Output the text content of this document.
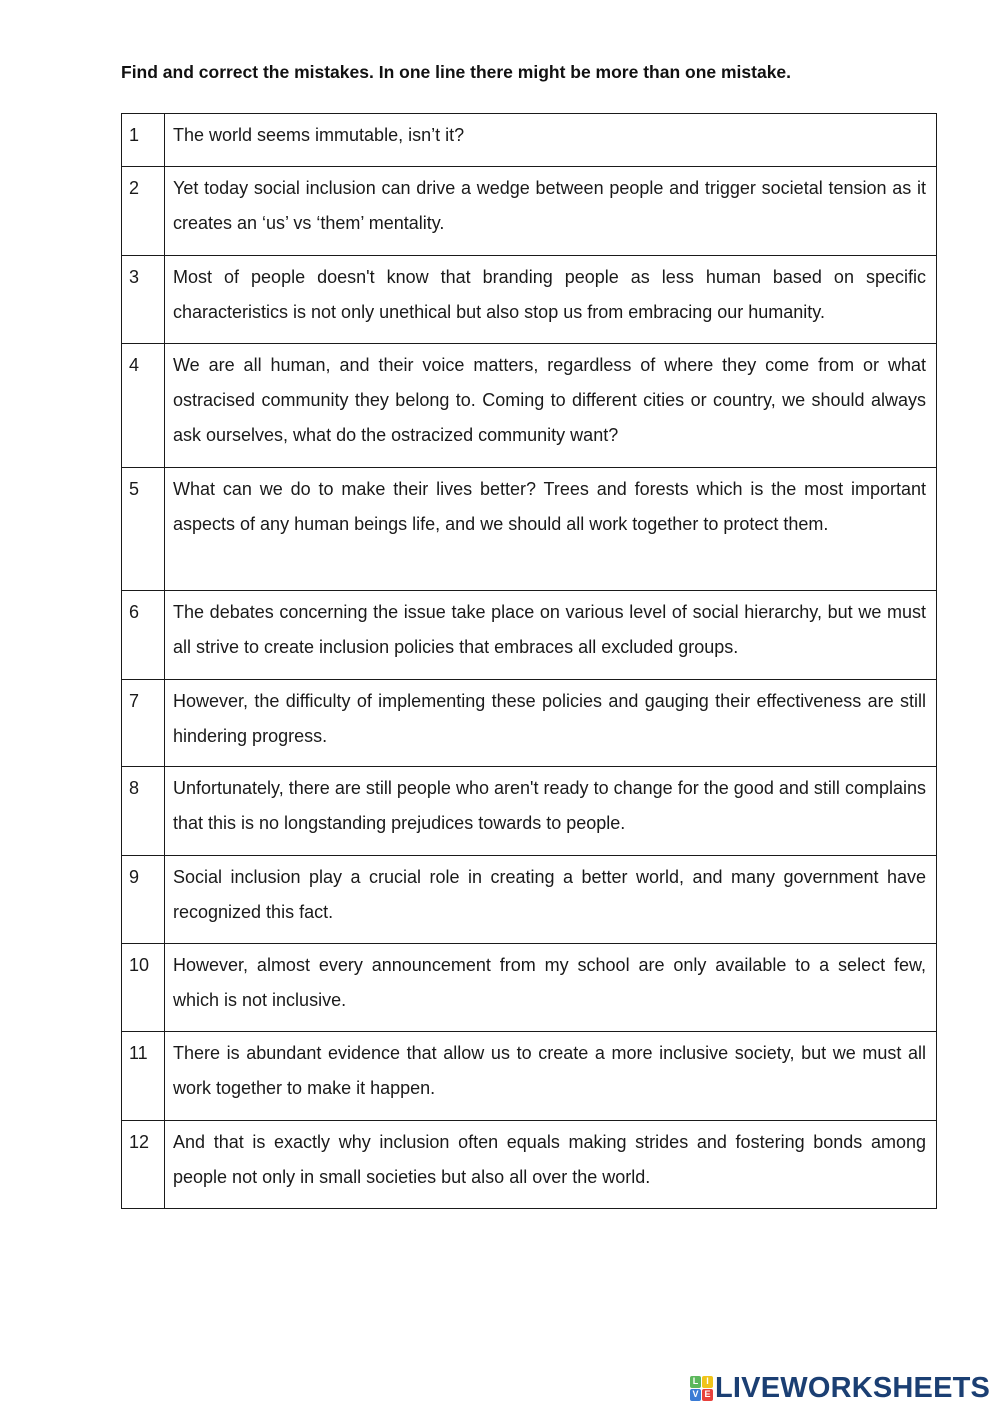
Find and correct the mistakes. In one line there might be more than one mistake.
1	The world seems immutable, isn’t it?
2	Yet today social inclusion can drive a wedge between people and trigger societal tension as it creates an ‘us’ vs ‘them’ mentality.
3	Most of people doesn't know that branding people as less human based on specific characteristics is not only unethical but also stop us from embracing our humanity.
4	We are all human, and their voice matters, regardless of where they come from or what ostracised community they belong to. Coming to different cities or country, we should always ask ourselves, what do the ostracized community want?
5	What can we do to make their lives better? Trees and forests which is the most important aspects of any human beings life, and we should all work together to protect them.
6	The debates concerning the issue take place on various level of social hierarchy, but we must all strive to create inclusion policies that embraces all excluded groups.
7	However, the difficulty of implementing these policies and gauging their effectiveness are still hindering progress.
8	Unfortunately, there are still people who aren't ready to change for the good and still complains that this is no longstanding prejudices towards to people.
9	Social inclusion play a crucial role in creating a better world, and many government have recognized this fact.
10	However, almost every announcement from my school are only available to a select few, which is not inclusive.
11	There is abundant evidence that allow us to create a more inclusive society, but we must all work together to make it happen.
12	And that is exactly why inclusion often equals making strides and fostering bonds among people not only in small societies but also all over the world.
L I
V E LIVEWORKSHEETS
